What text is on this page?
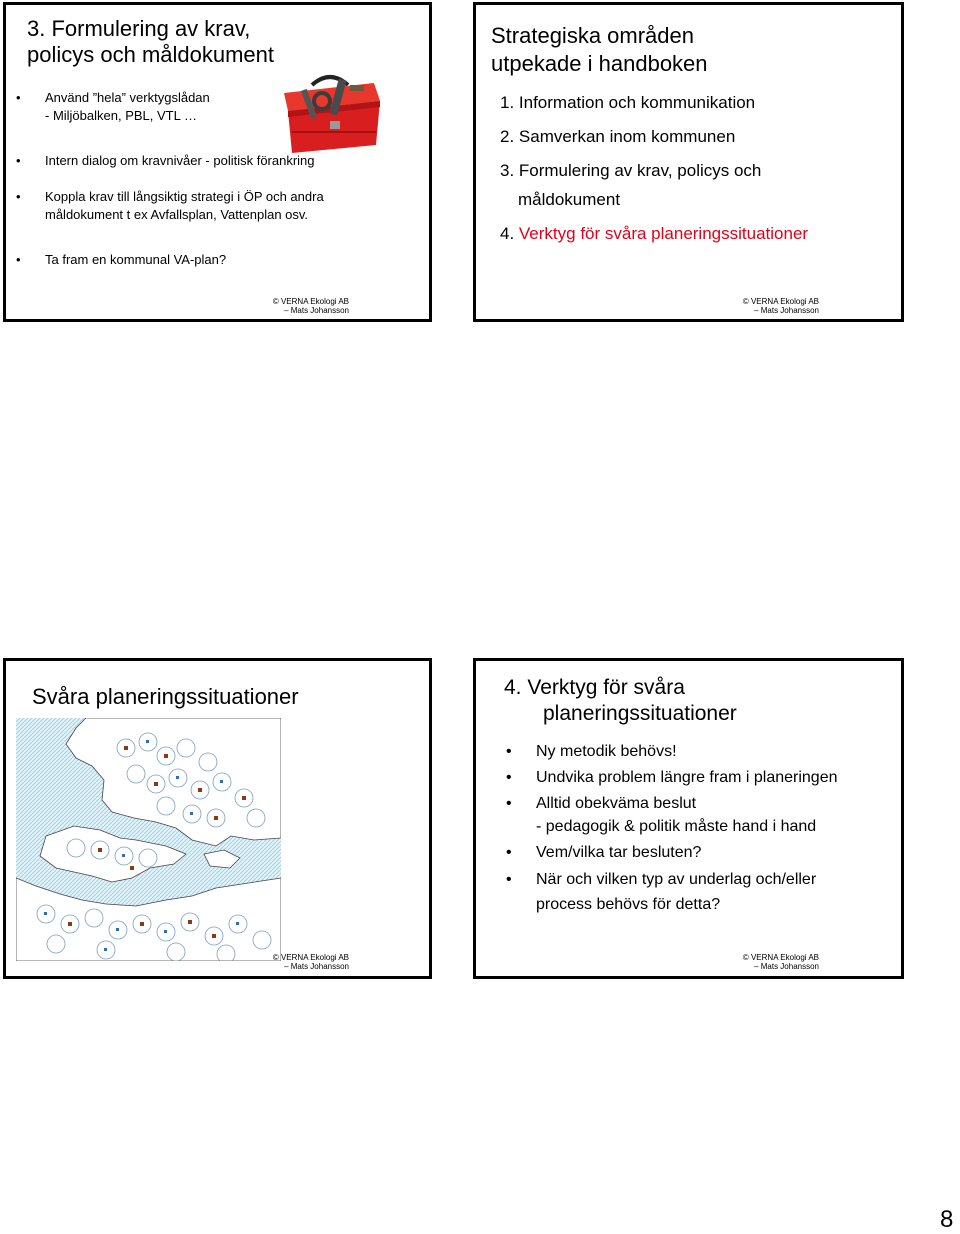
3. Formulering av krav,
policys och måldokument
• Använd ”hela” verktygslådan
- Miljöbalken, PBL, VTL …
• Intern dialog om kravnivåer - politisk förankring
• Koppla krav till långsiktig strategi i ÖP och andra
måldokument t ex Avfallsplan, Vattenplan osv.
• Ta fram en kommunal VA-plan?
© VERNA Ekologi AB
– Mats Johansson
Strategiska områden
utpekade i handboken
1. Information och kommunikation
2. Samverkan inom kommunen
3. Formulering av krav, policys och
måldokument
4. Verktyg för svåra planeringssituationer
© VERNA Ekologi AB
– Mats Johansson
Svåra planeringssituationer
© VERNA Ekologi AB
– Mats Johansson
4. Verktyg för svåra
planeringssituationer
• Ny metodik behövs!
• Undvika problem längre fram i planeringen
• Alltid obekväma beslut
- pedagogik & politik måste hand i hand
• Vem/vilka tar besluten?
• När och vilken typ av underlag och/eller
process behövs för detta?
© VERNA Ekologi AB
– Mats Johansson
8
